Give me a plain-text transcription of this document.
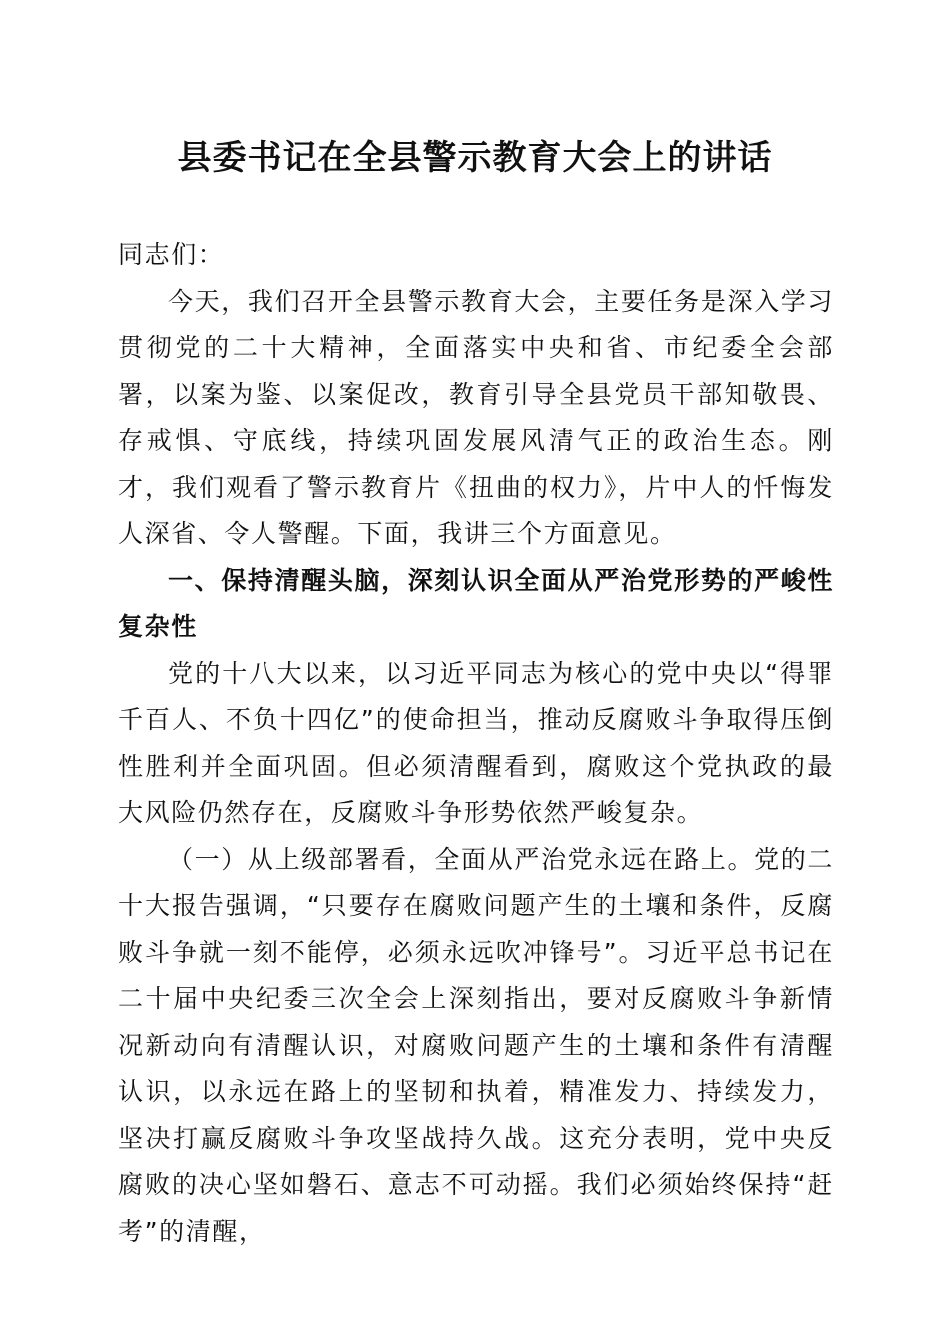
县委书记在全县警示教育大会上的讲话

同志们：

今天，我们召开全县警示教育大会，主要任务是深入学习贯彻党的二十大精神，全面落实中央和省、市纪委全会部署，以案为鉴、以案促改，教育引导全县党员干部知敬畏、存戒惧、守底线，持续巩固发展风清气正的政治生态。刚才，我们观看了警示教育片《扭曲的权力》，片中人的忏悔发人深省、令人警醒。下面，我讲三个方面意见。

一、保持清醒头脑，深刻认识全面从严治党形势的严峻性复杂性

党的十八大以来，以习近平同志为核心的党中央以“得罪千百人、不负十四亿”的使命担当，推动反腐败斗争取得压倒性胜利并全面巩固。但必须清醒看到，腐败这个党执政的最大风险仍然存在，反腐败斗争形势依然严峻复杂。

（一）从上级部署看，全面从严治党永远在路上。党的二十大报告强调，“只要存在腐败问题产生的土壤和条件，反腐败斗争就一刻不能停，必须永远吹冲锋号”。习近平总书记在二十届中央纪委三次全会上深刻指出，要对反腐败斗争新情况新动向有清醒认识，对腐败问题产生的土壤和条件有清醒认识，以永远在路上的坚韧和执着，精准发力、持续发力，坚决打赢反腐败斗争攻坚战持久战。这充分表明，党中央反腐败的决心坚如磐石、意志不可动摇。我们必须始终保持“赶考”的清醒，
